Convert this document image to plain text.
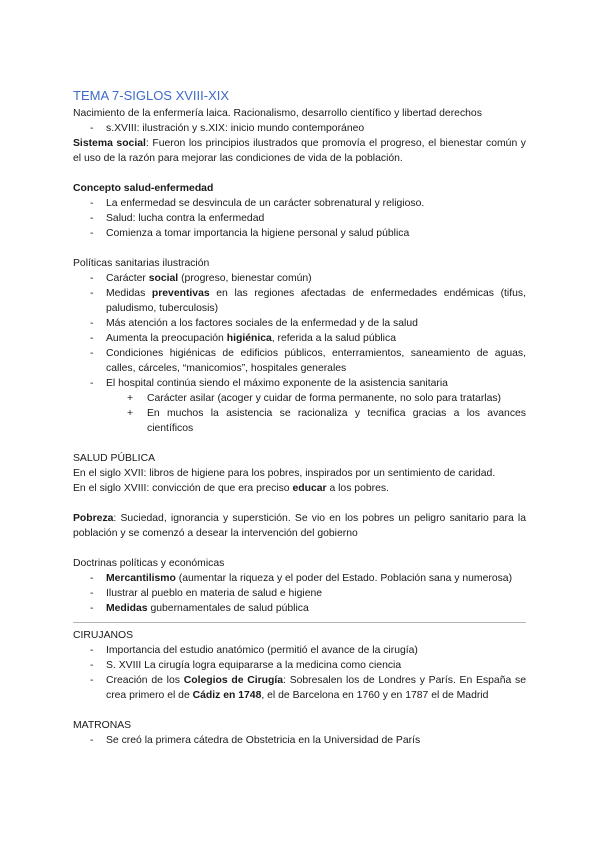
TEMA 7-SIGLOS XVIII-XIX

Nacimiento de la enfermería laica. Racionalismo, desarrollo científico y libertad derechos

- s.XVIII: ilustración y s.XIX: inicio mundo contemporáneo

Sistema social: Fueron los principios ilustrados que promovía el progreso, el bienestar común y el uso de la razón para mejorar las condiciones de vida de la población.

Concepto salud-enfermedad

- La enfermedad se desvincula de un carácter sobrenatural y religioso.
- Salud: lucha contra la enfermedad
- Comienza a tomar importancia la higiene personal y salud pública

Políticas sanitarias ilustración

- Carácter social (progreso, bienestar común)
- Medidas preventivas en las regiones afectadas de enfermedades endémicas (tifus, paludismo, tuberculosis)
- Más atención a los factores sociales de la enfermedad y de la salud
- Aumenta la preocupación higiénica, referida a la salud pública
- Condiciones higiénicas de edificios públicos, enterramientos, saneamiento de aguas, calles, cárceles, “manicomios”, hospitales generales
- El hospital continúa siendo el máximo exponente de la asistencia sanitaria
+ Carácter asilar (acoger y cuidar de forma permanente, no solo para tratarlas)
+ En muchos la asistencia se racionaliza y tecnifica gracias a los avances científicos

SALUD PÚBLICA

En el siglo XVII: libros de higiene para los pobres, inspirados por un sentimiento de caridad.

En el siglo XVIII: convicción de que era preciso educar a los pobres.

Pobreza: Suciedad, ignorancia y superstición. Se vio en los pobres un peligro sanitario para la población y se comenzó a desear la intervención del gobierno

Doctrinas políticas y económicas

- Mercantilismo (aumentar la riqueza y el poder del Estado. Población sana y numerosa)
- Ilustrar al pueblo en materia de salud e higiene
- Medidas gubernamentales de salud pública

CIRUJANOS

- Importancia del estudio anatómico (permitió el avance de la cirugía)
- S. XVIII La cirugía logra equipararse a la medicina como ciencia
- Creación de los Colegios de Cirugía: Sobresalen los de Londres y París. En España se crea primero el de Cádiz en 1748, el de Barcelona en 1760 y en 1787 el de Madrid

MATRONAS

- Se creó la primera cátedra de Obstetricia en la Universidad de París
